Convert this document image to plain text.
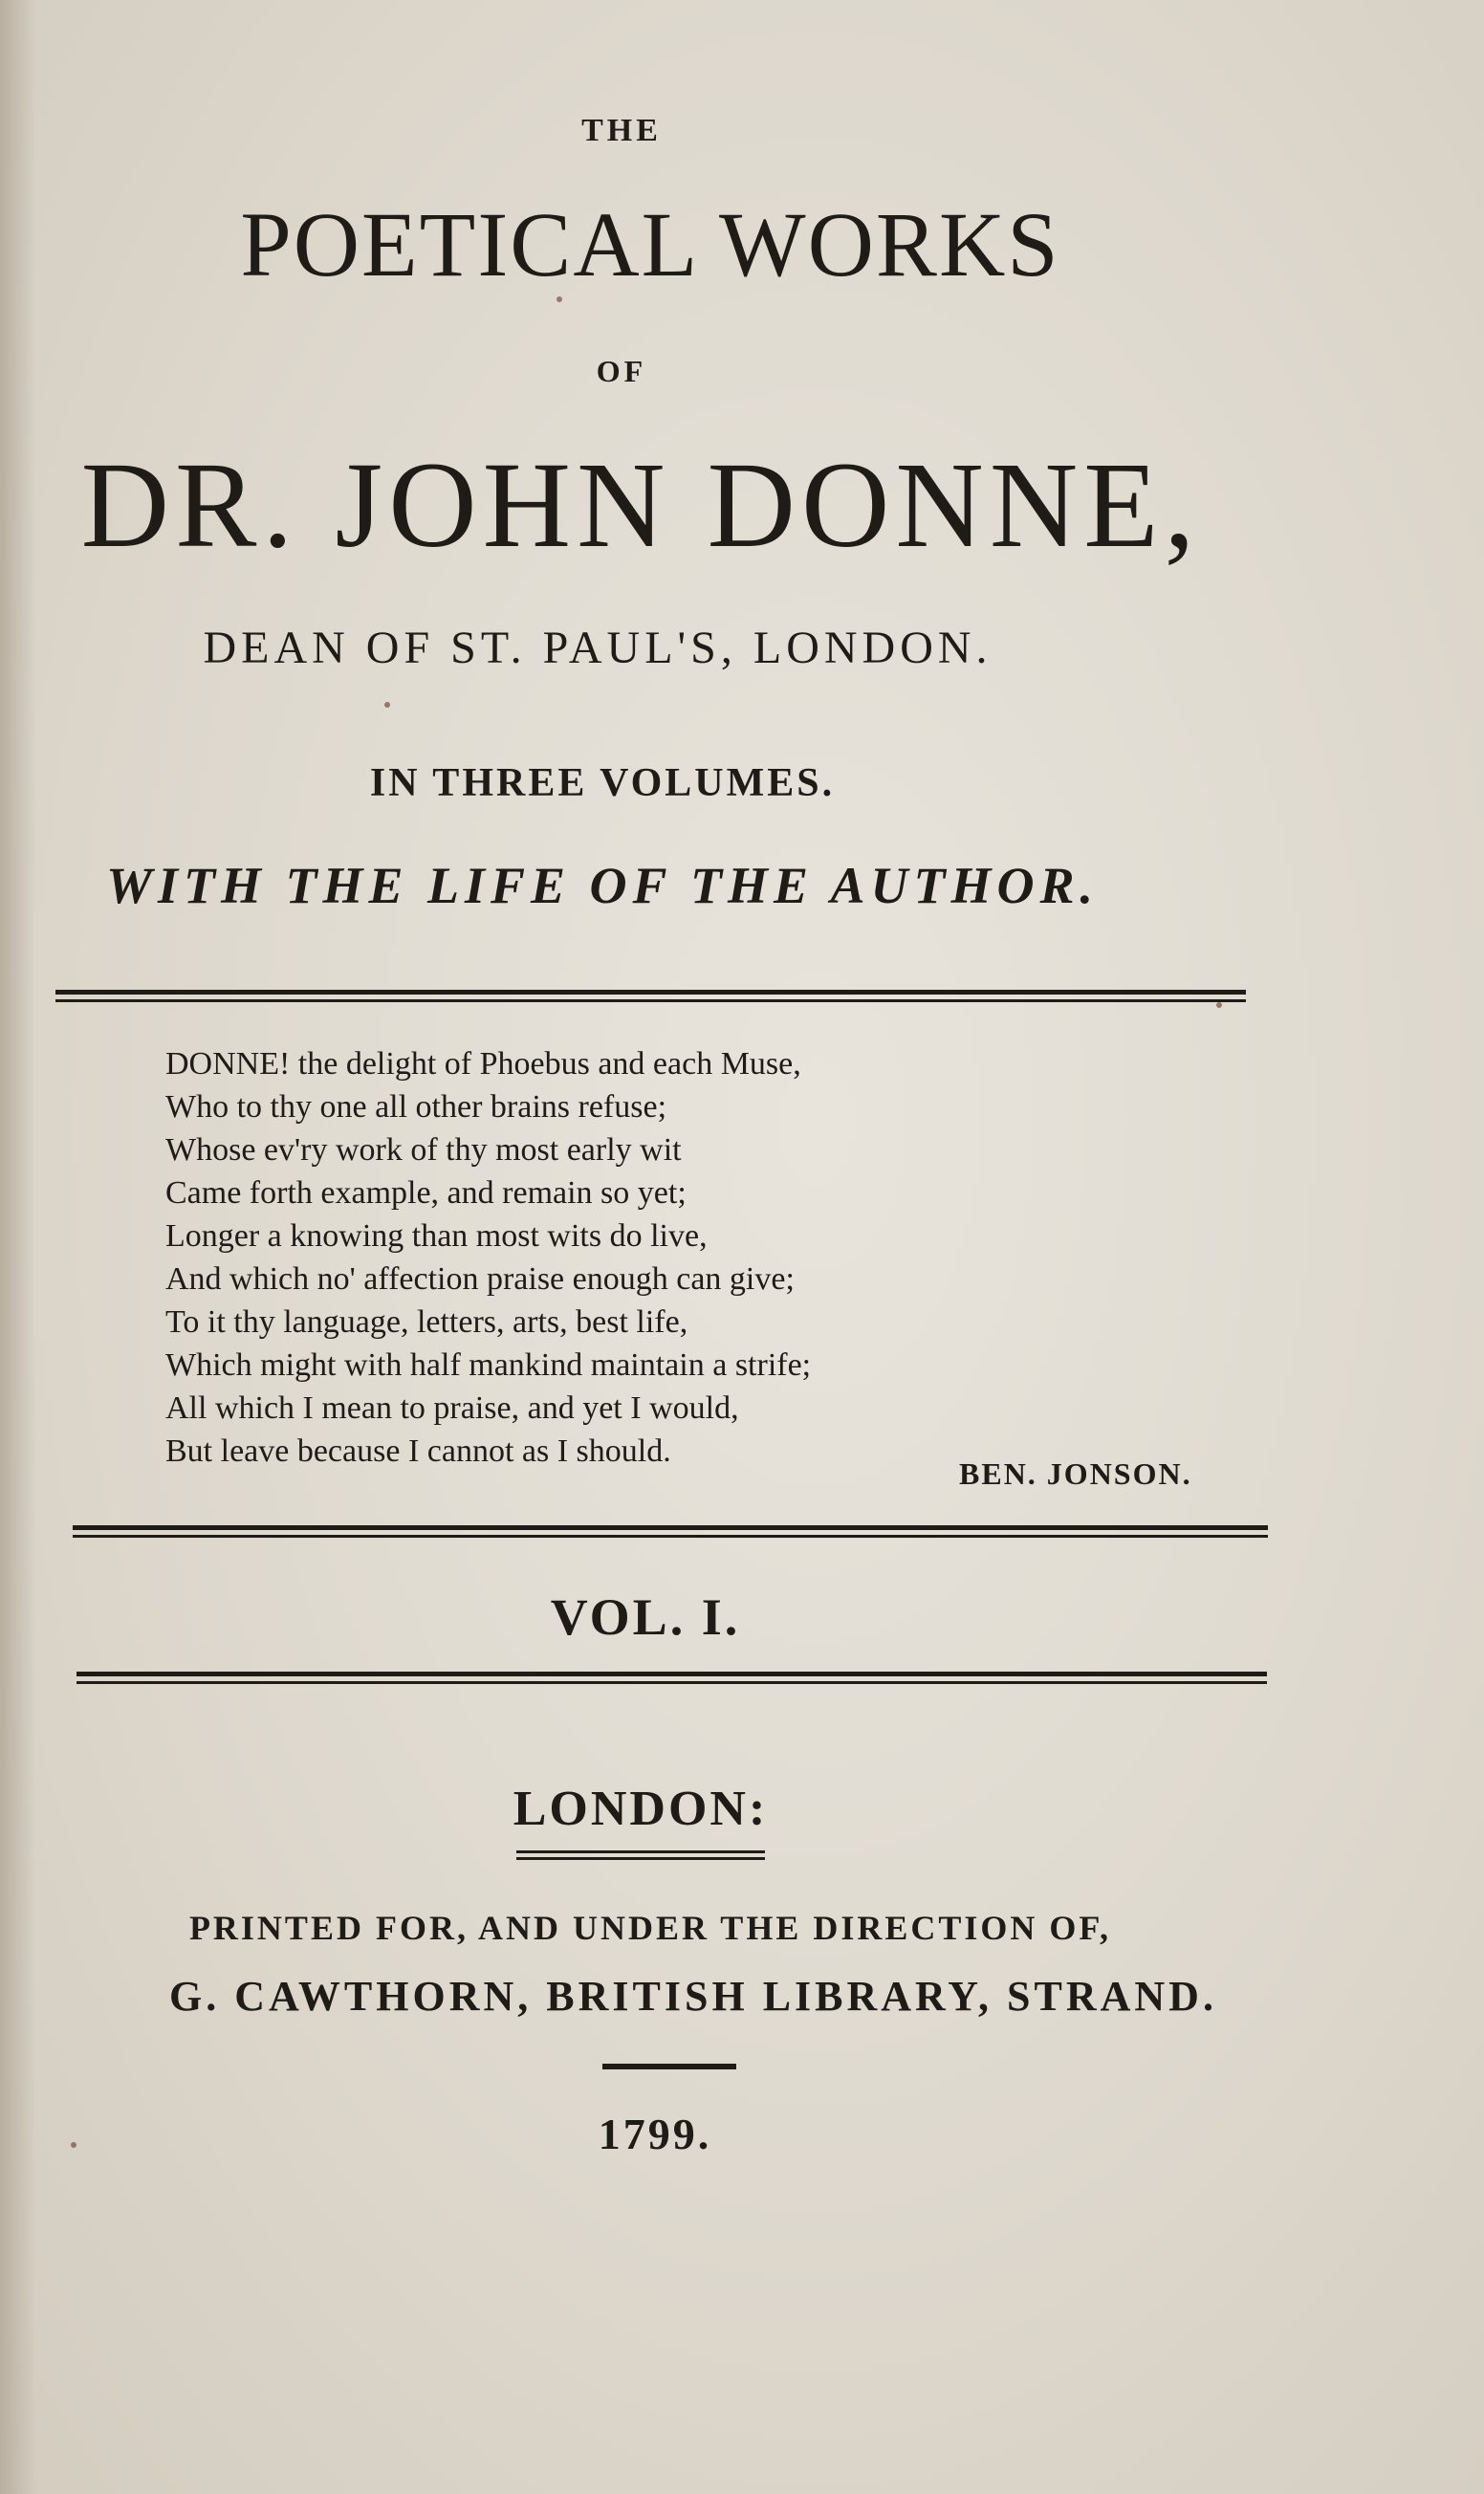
THE
POETICAL WORKS
OF
DR. JOHN DONNE,
DEAN OF ST. PAUL'S, LONDON.
IN THREE VOLUMES.
WITH THE LIFE OF THE AUTHOR.
DONNE! the delight of Phoebus and each Muse,
Who to thy one all other brains refuse;
Whose ev'ry work of thy most early wit
Came forth example, and remain so yet;
Longer a knowing than most wits do live,
And which no' affection praise enough can give;
To it thy language, letters, arts, best life,
Which might with half mankind maintain a strife;
All which I mean to praise, and yet I would,
But leave because I cannot as I should.
BEN. JONSON.
VOL. I.
LONDON:
PRINTED FOR, AND UNDER THE DIRECTION OF,
G. CAWTHORN, BRITISH LIBRARY, STRAND.
1799.
